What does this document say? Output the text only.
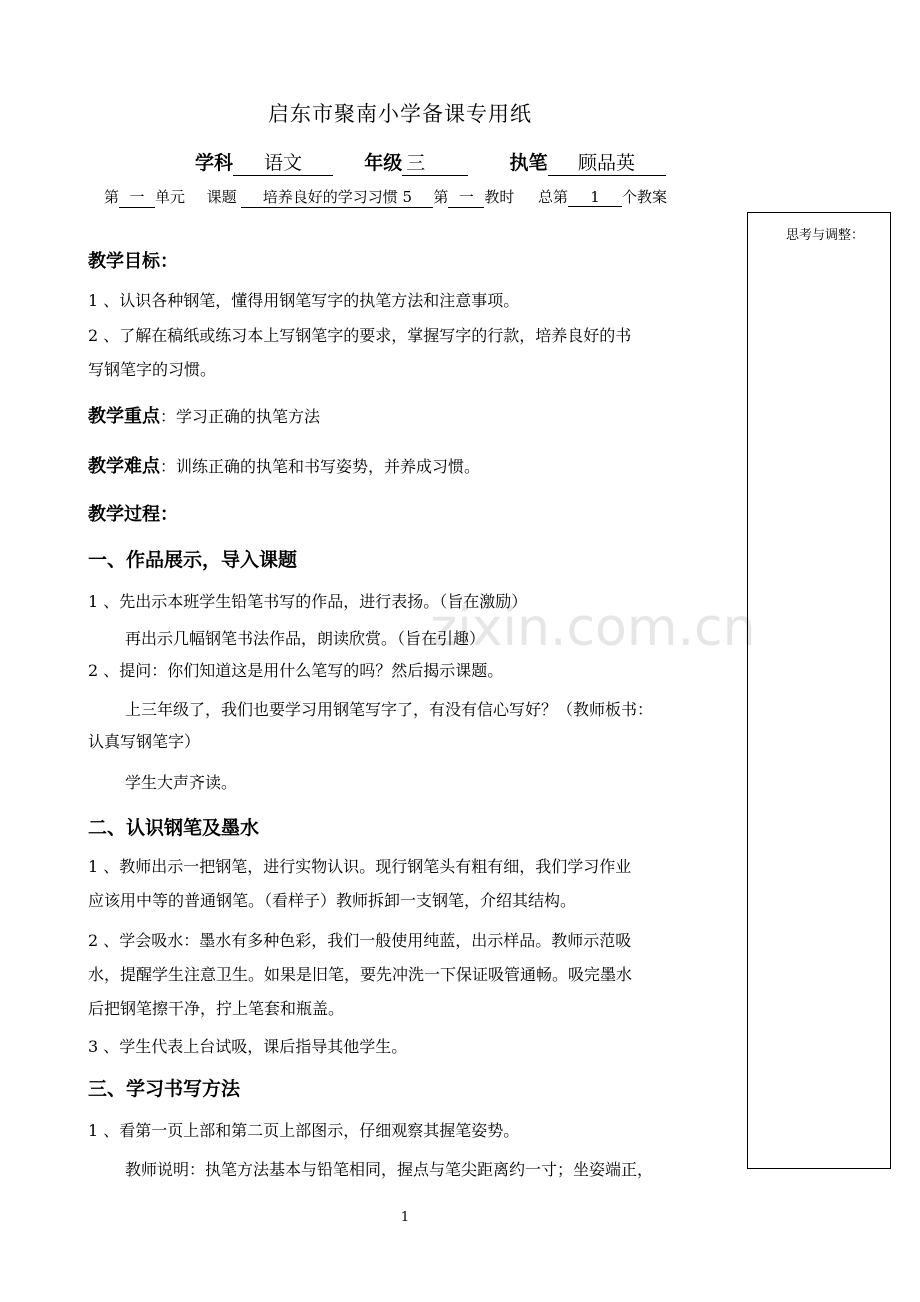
zixin.com.cn
启东市聚南小学备课专用纸
学科 语文	年级 三	执笔 顾品英
第 一 单元 课题 培养良好的学习习惯 5 第 一 教时 总第 1 个教案
思考与调整：
教学目标：
1 、认识各种钢笔，懂得用钢笔写字的执笔方法和注意事项。
2 、了解在稿纸或练习本上写钢笔字的要求，掌握写字的行款，培养良好的书
写钢笔字的习惯。
教学重点：学习正确的执笔方法
教学难点：训练正确的执笔和书写姿势，并养成习惯。
教学过程：
一、作品展示，导入课题
1 、先出示本班学生铅笔书写的作品，进行表扬。（旨在激励）
再出示几幅钢笔书法作品，朗读欣赏。（旨在引趣）
2 、提问：你们知道这是用什么笔写的吗？然后揭示课题。
上三年级了，我们也要学习用钢笔写字了，有没有信心写好？（教师板书：
认真写钢笔字）
学生大声齐读。
二、认识钢笔及墨水
1 、教师出示一把钢笔，进行实物认识。现行钢笔头有粗有细，我们学习作业
应该用中等的普通钢笔。（看样子）教师拆卸一支钢笔，介绍其结构。
2 、学会吸水：墨水有多种色彩，我们一般使用纯蓝，出示样品。教师示范吸
水，提醒学生注意卫生。如果是旧笔，要先冲洗一下保证吸管通畅。吸完墨水
后把钢笔擦干净，拧上笔套和瓶盖。
3 、学生代表上台试吸，课后指导其他学生。
三、学习书写方法
1 、看第一页上部和第二页上部图示，仔细观察其握笔姿势。
教师说明：执笔方法基本与铅笔相同，握点与笔尖距离约一寸；坐姿端正，
1
